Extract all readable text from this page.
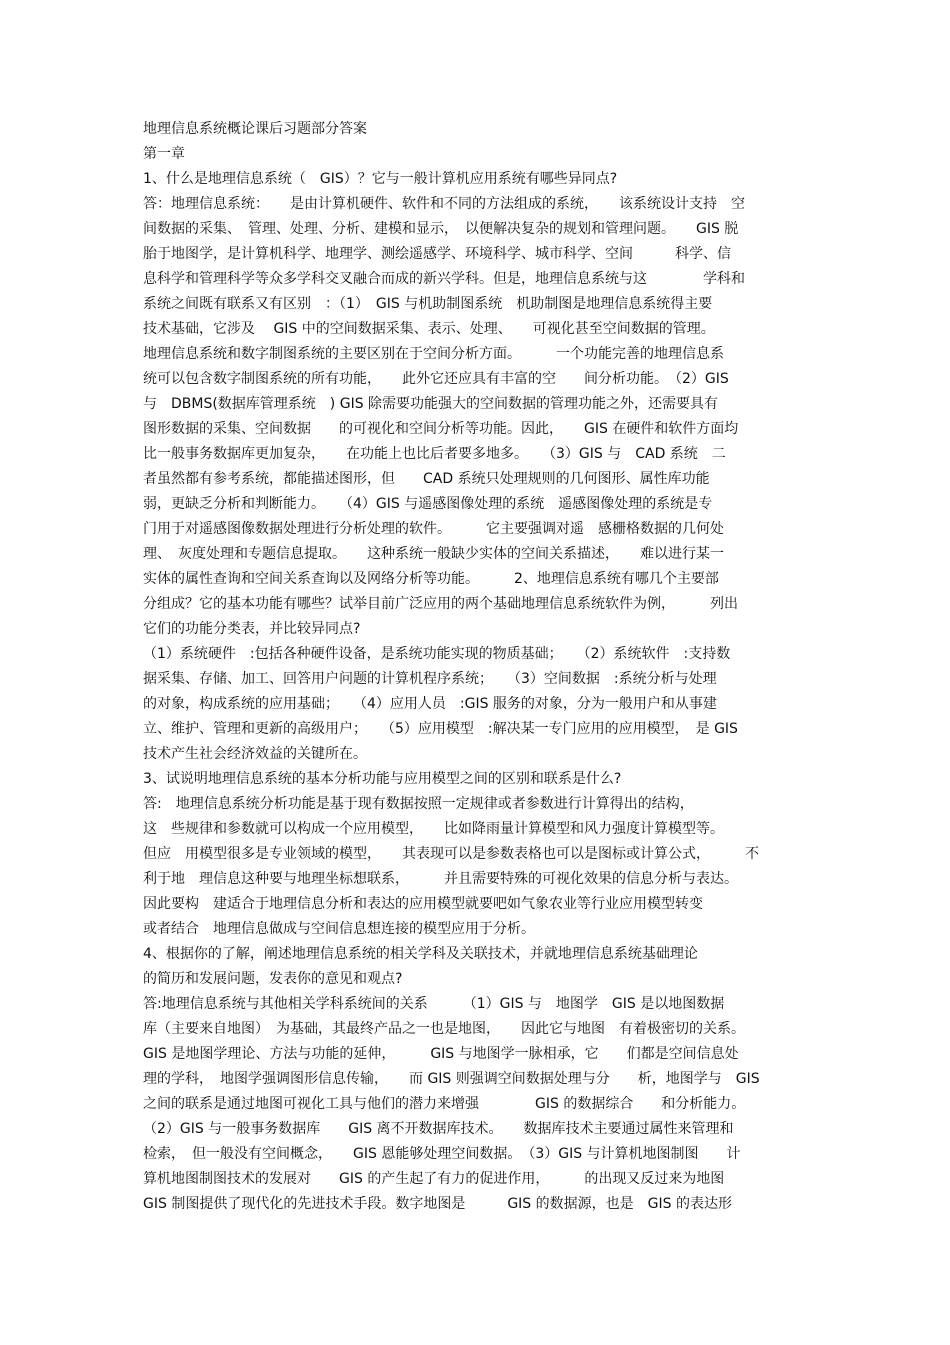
地理信息系统概论课后习题部分答案
第一章
1、什么是地理信息系统（　GIS）？它与一般计算机应用系统有哪些异同点?
答：地理信息系统：　　是由计算机硬件、软件和不同的方法组成的系统，　　该系统设计支持　空
间数据的采集、　管理、处理、分析、建模和显示，　以便解决复杂的规划和管理问题。　　GIS 脱
胎于地图学，是计算机科学、地理学、测绘遥感学、环境科学、城市科学、空间　　　科学、信
息科学和管理科学等众多学科交叉融合而成的新兴学科。但是，地理信息系统与这　　　　学科和
系统之间既有联系又有区别　：（1）　GIS 与机助制图系统　机助制图是地理信息系统得主要
技术基础，它涉及　 GIS 中的空间数据采集、表示、处理、　　可视化甚至空间数据的管理。
地理信息系统和数字制图系统的主要区别在于空间分析方面。　　　一个功能完善的地理信息系
统可以包含数字制图系统的所有功能，　　此外它还应具有丰富的空　　间分析功能。　（2）GIS
与　DBMS(数据库管理系统　) GIS 除需要功能强大的空间数据的管理功能之外，还需要具有
图形数据的采集、空间数据　　的可视化和空间分析等功能。因此，　　GIS 在硬件和软件方面均
比一般事务数据库更加复杂，　　在功能上也比后者要多地多。　　（3）GIS 与　CAD 系统　二
者虽然都有参考系统，都能描述图形，但　　CAD 系统只处理规则的几何图形、属性库功能
弱，更缺乏分析和判断能力。　　（4）GIS 与遥感图像处理的系统　遥感图像处理的系统是专
门用于对遥感图像数据处理进行分析处理的软件。　　　它主要强调对遥　感栅格数据的几何处
理、　灰度处理和专题信息提取。　　这种系统一般缺少实体的空间关系描述，　　难以进行某一
实体的属性查询和空间关系查询以及网络分析等功能。　　　2、地理信息系统有哪几个主要部
分组成？它的基本功能有哪些？试举目前广泛应用的两个基础地理信息系统软件为例，　　　列出
它们的功能分类表，并比较异同点?
（1）系统硬件　:包括各种硬件设备，是系统功能实现的物质基础；　　（2）系统软件　:支持数
据采集、存储、加工、回答用户问题的计算机程序系统；　　（3）空间数据　:系统分析与处理
的对象，构成系统的应用基础；　　（4）应用人员　:GIS 服务的对象，分为一般用户和从事建
立、维护、管理和更新的高级用户；　　（5）应用模型　:解决某一专门应用的应用模型，　是 GIS
技术产生社会经济效益的关键所在。
3、试说明地理信息系统的基本分析功能与应用模型之间的区别和联系是什么?
答:　地理信息系统分析功能是基于现有数据按照一定规律或者参数进行计算得出的结构，
这　些规律和参数就可以构成一个应用模型，　　比如降雨量计算模型和风力强度计算模型等。
但应　用模型很多是专业领域的模型，　　其表现可以是参数表格也可以是图标或计算公式，　　　不
利于地　理信息这种要与地理坐标想联系，　　　并且需要特殊的可视化效果的信息分析与表达。
因此要构　建适合于地理信息分析和表达的应用模型就要吧如气象农业等行业应用模型转变
或者结合　地理信息做成与空间信息想连接的模型应用于分析。
4、根据你的了解，阐述地理信息系统的相关学科及关联技术，并就地理信息系统基础理论
的简历和发展问题，发表你的意见和观点?
答:地理信息系统与其他相关学科系统间的关系　　　（1）GIS 与　地图学　GIS 是以地图数据
库（主要来自地图）　为基础，其最终产品之一也是地图，　　因此它与地图　有着极密切的关系。
GIS 是地图学理论、方法与功能的延伸，　　　GIS 与地图学一脉相承，它　　们都是空间信息处
理的学科，　地图学强调图形信息传输，　　而 GIS 则强调空间数据处理与分　　析，地图学与　GIS
之间的联系是通过地图可视化工具与他们的潜力来增强　　　　GIS 的数据综合　　和分析能力。
（2）GIS 与一般事务数据库　　GIS 离不开数据库技术。　　数据库技术主要通过属性来管理和
检索，　但一般没有空间概念，　　GIS 恩能够处理空间数据。　（3）GIS 与计算机地图制图　　计
算机地图制图技术的发展对　　GIS 的产生起了有力的促进作用，　　　的出现又反过来为地图
GIS 制图提供了现代化的先进技术手段。数字地图是　　　GIS 的数据源，也是　GIS 的表达形
